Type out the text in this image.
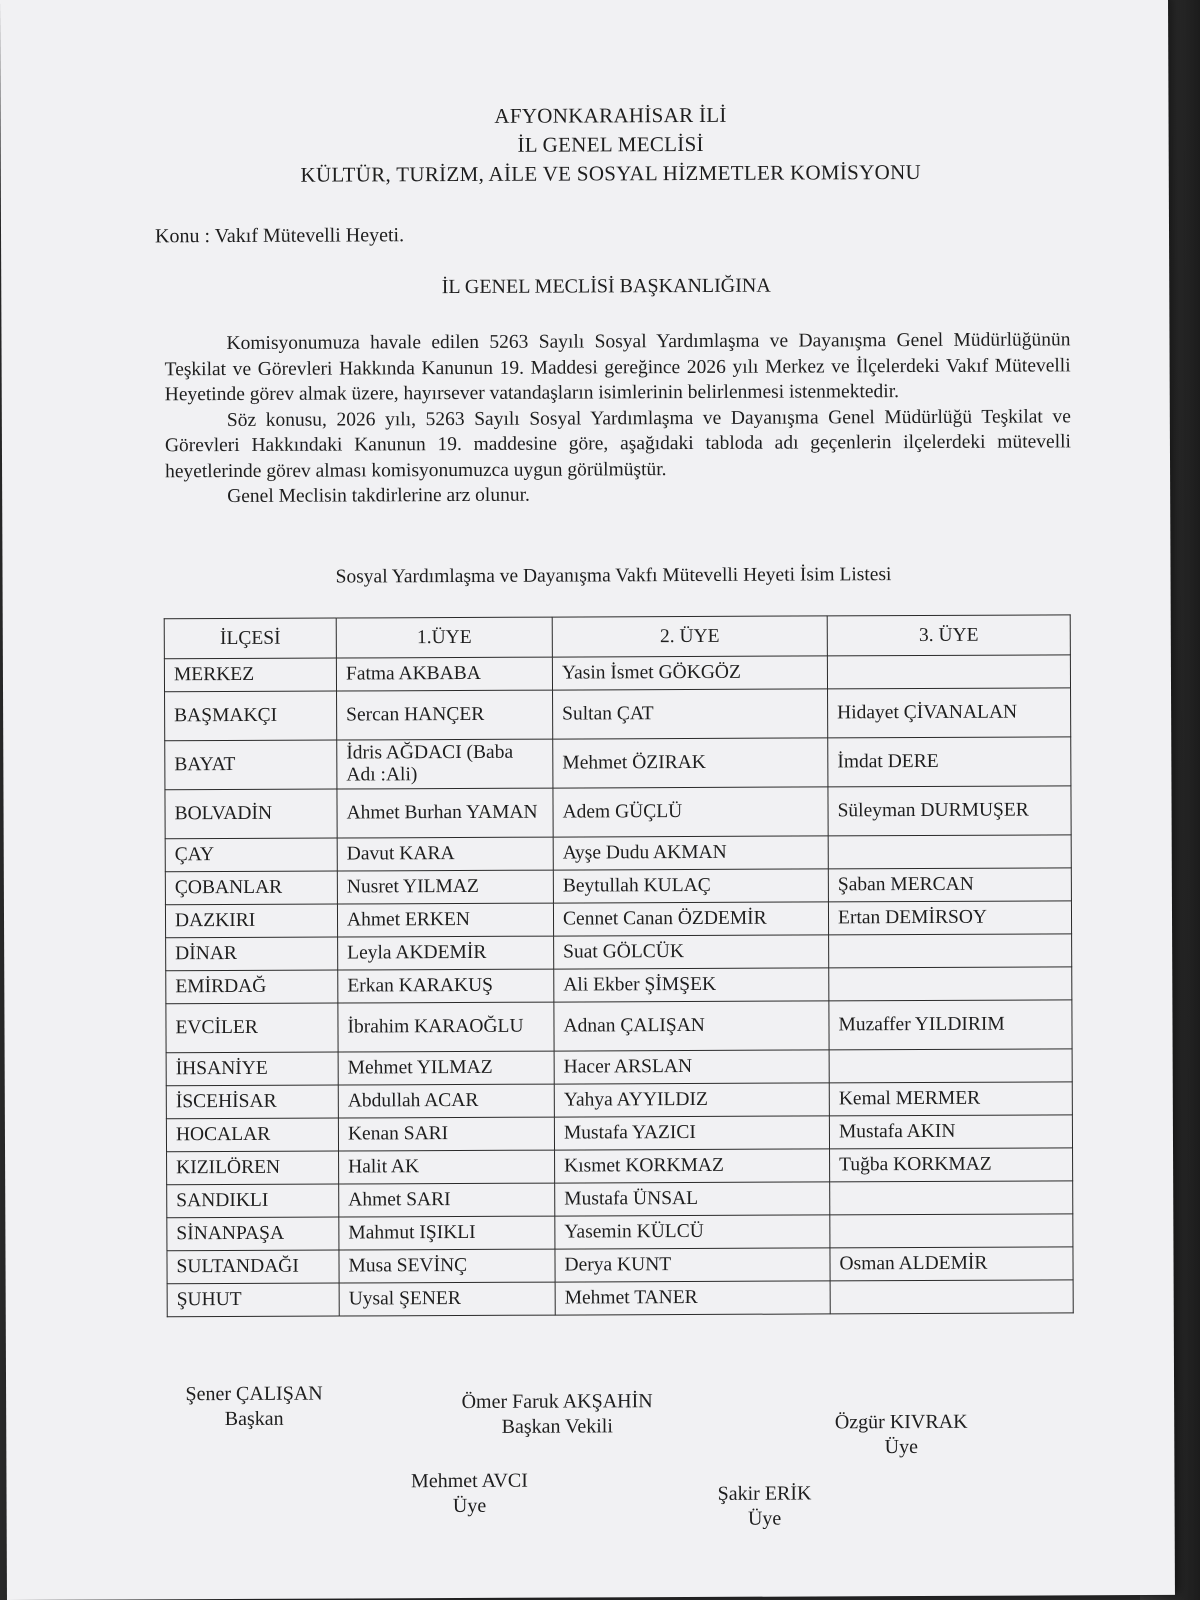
AFYONKARAHİSAR İLİ
İL GENEL MECLİSİ
KÜLTÜR, TURİZM, AİLE VE SOSYAL HİZMETLER KOMİSYONU
Konu : Vakıf Mütevelli Heyeti.
İL GENEL MECLİSİ BAŞKANLIĞINA

Komisyonumuza havale edilen 5263 Sayılı Sosyal Yardımlaşma ve Dayanışma Genel Müdürlüğünün Teşkilat ve Görevleri Hakkında Kanunun 19. Maddesi gereğince 2026 yılı Merkez ve İlçelerdeki Vakıf Mütevelli Heyetinde görev almak üzere, hayırsever vatandaşların isimlerinin belirlenmesi istenmektedir.

Söz konusu, 2026 yılı, 5263 Sayılı Sosyal Yardımlaşma ve Dayanışma Genel Müdürlüğü Teşkilat ve Görevleri Hakkındaki Kanunun 19. maddesine göre, aşağıdaki tabloda adı geçenlerin ilçelerdeki mütevelli heyetlerinde görev alması komisyonumuzca uygun görülmüştür.

Genel Meclisin takdirlerine arz olunur.

Sosyal Yardımlaşma ve Dayanışma Vakfı Mütevelli Heyeti İsim Listesi
İLÇESİ	1.ÜYE	2. ÜYE	3. ÜYE
MERKEZ	Fatma AKBABA	Yasin İsmet GÖKGÖZ	
BAŞMAKÇI	Sercan HANÇER	Sultan ÇAT	Hidayet ÇİVANALAN
BAYAT	İdris AĞDACI (Baba Adı :Ali)	Mehmet ÖZIRAK	İmdat DERE
BOLVADİN	Ahmet Burhan YAMAN	Adem GÜÇLÜ	Süleyman DURMUŞER
ÇAY	Davut KARA	Ayşe Dudu AKMAN	
ÇOBANLAR	Nusret YILMAZ	Beytullah KULAÇ	Şaban MERCAN
DAZKIRI	Ahmet ERKEN	Cennet Canan ÖZDEMİR	Ertan DEMİRSOY
DİNAR	Leyla AKDEMİR	Suat GÖLCÜK	
EMİRDAĞ	Erkan KARAKUŞ	Ali Ekber ŞİMŞEK	
EVCİLER	İbrahim KARAOĞLU	Adnan ÇALIŞAN	Muzaffer YILDIRIM
İHSANİYE	Mehmet YILMAZ	Hacer ARSLAN	
İSCEHİSAR	Abdullah ACAR	Yahya AYYILDIZ	Kemal MERMER
HOCALAR	Kenan SARI	Mustafa YAZICI	Mustafa AKIN
KIZILÖREN	Halit AK	Kısmet KORKMAZ	Tuğba KORKMAZ
SANDIKLI	Ahmet SARI	Mustafa ÜNSAL	
SİNANPAŞA	Mahmut IŞIKLI	Yasemin KÜLCÜ	
SULTANDAĞI	Musa SEVİNÇ	Derya KUNT	Osman ALDEMİR
ŞUHUT	Uysal ŞENER	Mehmet TANER	
Şener ÇALIŞAN
Başkan
Ömer Faruk AKŞAHİN
Başkan Vekili	Özgür KIVRAK
Üye
Mehmet AVCI
Üye
Şakir ERİK
Üye
